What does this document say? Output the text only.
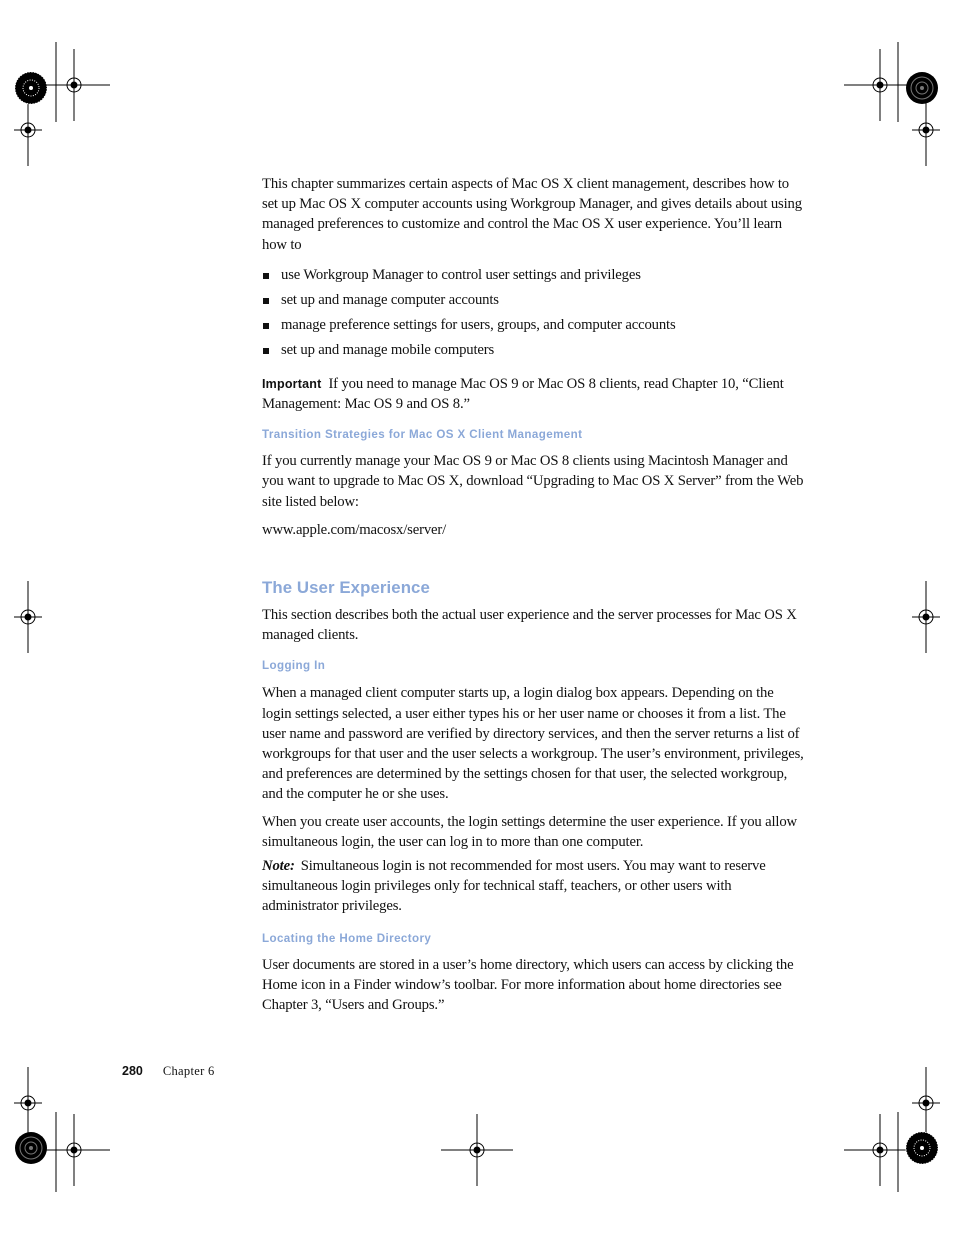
This chapter summarizes certain aspects of Mac OS X client management, describes how to set up Mac OS X computer accounts using Workgroup Manager, and gives details about using managed preferences to customize and control the Mac OS X user experience. You’ll learn how to

use Workgroup Manager to control user settings and privileges
set up and manage computer accounts
manage preference settings for users, groups, and computer accounts
set up and manage mobile computers

Important If you need to manage Mac OS 9 or Mac OS 8 clients, read Chapter 10, “Client Management: Mac OS 9 and OS 8.”

Transition Strategies for Mac OS X Client Management

If you currently manage your Mac OS 9 or Mac OS 8 clients using Macintosh Manager and you want to upgrade to Mac OS X, download “Upgrading to Mac OS X Server” from the Web site listed below:

www.apple.com/macosx/server/

The User Experience

This section describes both the actual user experience and the server processes for Mac OS X managed clients.

Logging In

When a managed client computer starts up, a login dialog box appears. Depending on the login settings selected, a user either types his or her user name or chooses it from a list. The user name and password are verified by directory services, and then the server returns a list of workgroups for that user and the user selects a workgroup. The user’s environment, privileges, and preferences are determined by the settings chosen for that user, the selected workgroup, and the computer he or she uses.

When you create user accounts, the login settings determine the user experience. If you allow simultaneous login, the user can log in to more than one computer.

Note: Simultaneous login is not recommended for most users. You may want to reserve simultaneous login privileges only for technical staff, teachers, or other users with administrator privileges.

Locating the Home Directory

User documents are stored in a user’s home directory, which users can access by clicking the Home icon in a Finder window’s toolbar. For more information about home directories see Chapter 3, “Users and Groups.”

280 Chapter 6
